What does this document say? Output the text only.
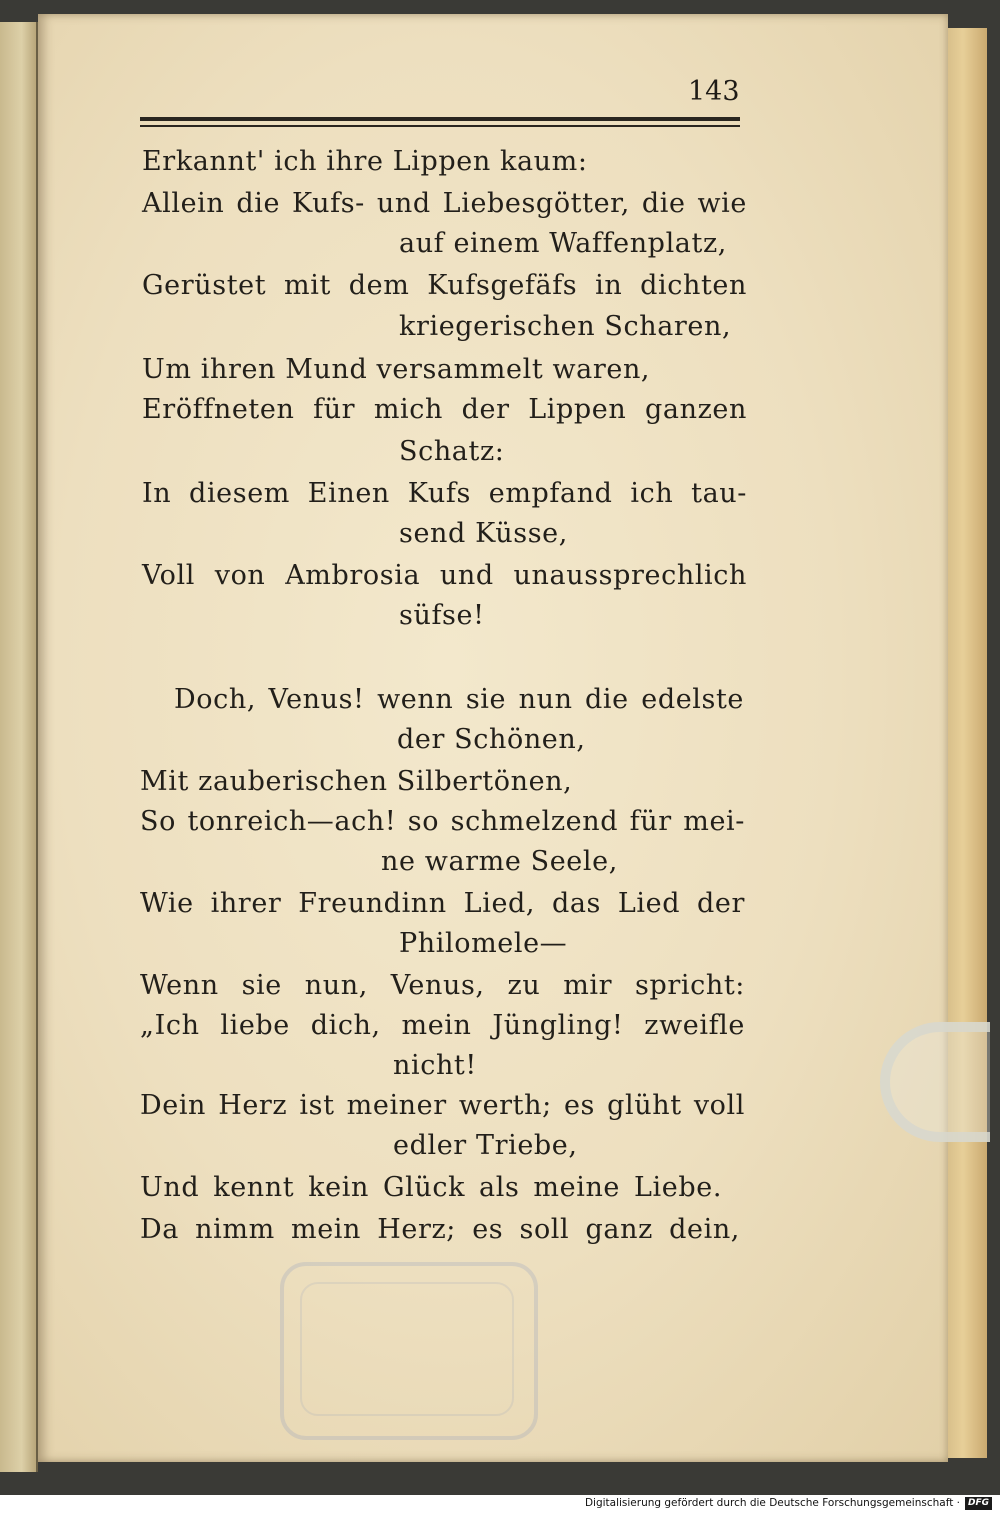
143
Erkannt' ich ihre Lippen kaum:
Allein die Kufs- und Liebesgötter, die wie
auf einem Waffenplatz,
Gerüstet mit dem Kufsgefäfs in dichten
kriegerischen Scharen,
Um ihren Mund versammelt waren,
Eröffneten für mich der Lippen ganzen
Schatz:
In diesem Einen Kufs empfand ich tau-
send Küsse,
Voll von Ambrosia und unaussprechlich
süfse!
Doch, Venus! wenn sie nun die edelste
der Schönen,
Mit zauberischen Silbertönen,
So tonreich—ach! so schmelzend für mei-
ne warme Seele,
Wie ihrer Freundinn Lied, das Lied der
Philomele—
Wenn sie nun, Venus, zu mir spricht:
„Ich liebe dich, mein Jüngling! zweifle
nicht!
Dein Herz ist meiner werth; es glüht voll
edler Triebe,
Und kennt kein Glück als meine Liebe.
Da nimm mein Herz; es soll ganz dein,
Digitalisierung gefördert durch die Deutsche Forschungsgemeinschaft · DFG
